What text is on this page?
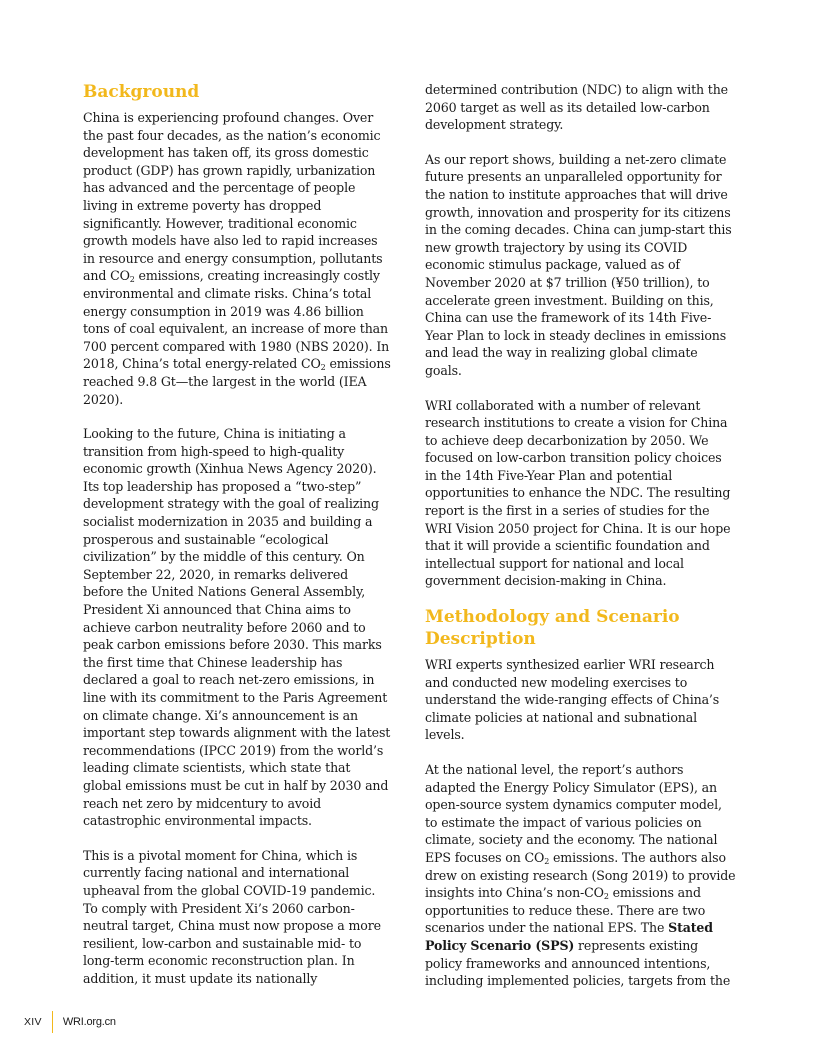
Background

China is experiencing profound changes. Over the past four decades, as the nation’s economic development has taken off, its gross domestic product (GDP) has grown rapidly, urbanization has advanced and the percentage of people living in extreme poverty has dropped significantly. However, traditional economic growth models have also led to rapid increases in resource and energy consumption, pollutants and $CO_2$ emissions, creating increasingly costly environmental and climate risks. China’s total energy consumption in 2019 was 4.86 billion tons of coal equivalent, an increase of more than 700 percent compared with 1980 (NBS 2020). In 2018, China’s total energy-related $CO_2$ emissions reached 9.8 Gt—the largest in the world (IEA 2020).

Looking to the future, China is initiating a transition from high-speed to high-quality economic growth (Xinhua News Agency 2020). Its top leadership has proposed a “two-step” development strategy with the goal of realizing socialist modernization in 2035 and building a prosperous and sustainable “ecological civilization” by the middle of this century. On September 22, 2020, in remarks delivered before the United Nations General Assembly, President Xi announced that China aims to achieve carbon neutrality before 2060 and to peak carbon emissions before 2030. This marks the first time that Chinese leadership has declared a goal to reach net-zero emissions, in line with its commitment to the Paris Agreement on climate change. Xi’s announcement is an important step towards alignment with the latest recommendations (IPCC 2019) from the world’s leading climate scientists, which state that global emissions must be cut in half by 2030 and reach net zero by midcentury to avoid catastrophic environmental impacts.

This is a pivotal moment for China, which is currently facing national and international upheaval from the global COVID-19 pandemic. To comply with President Xi’s 2060 carbon-neutral target, China must now propose a more resilient, low-carbon and sustainable mid- to long-term economic reconstruction plan. In addition, it must update its nationally

determined contribution (NDC) to align with the 2060 target as well as its detailed low-carbon development strategy.

As our report shows, building a net-zero climate future presents an unparalleled opportunity for the nation to institute approaches that will drive growth, innovation and prosperity for its citizens in the coming decades. China can jump-start this new growth trajectory by using its COVID economic stimulus package, valued as of November 2020 at $7 trillion (¥50 trillion), to accelerate green investment. Building on this, China can use the framework of its 14th Five-Year Plan to lock in steady declines in emissions and lead the way in realizing global climate goals.

WRI collaborated with a number of relevant research institutions to create a vision for China to achieve deep decarbonization by 2050. We focused on low-carbon transition policy choices in the 14th Five-Year Plan and potential opportunities to enhance the NDC. The resulting report is the first in a series of studies for the WRI Vision 2050 project for China. It is our hope that it will provide a scientific foundation and intellectual support for national and local government decision-making in China.

Methodology and Scenario Description

WRI experts synthesized earlier WRI research and conducted new modeling exercises to understand the wide-ranging effects of China’s climate policies at national and subnational levels.

At the national level, the report’s authors adapted the Energy Policy Simulator (EPS), an open-source system dynamics computer model, to estimate the impact of various policies on climate, society and the economy. The national EPS focuses on $CO_2$ emissions. The authors also drew on existing research (Song 2019) to provide insights into China’s non-$CO_2$ emissions and opportunities to reduce these. There are two scenarios under the national EPS. The Stated Policy Scenario (SPS) represents existing policy frameworks and announced intentions, including implemented policies, targets from the

XIV WRI.org.cn
